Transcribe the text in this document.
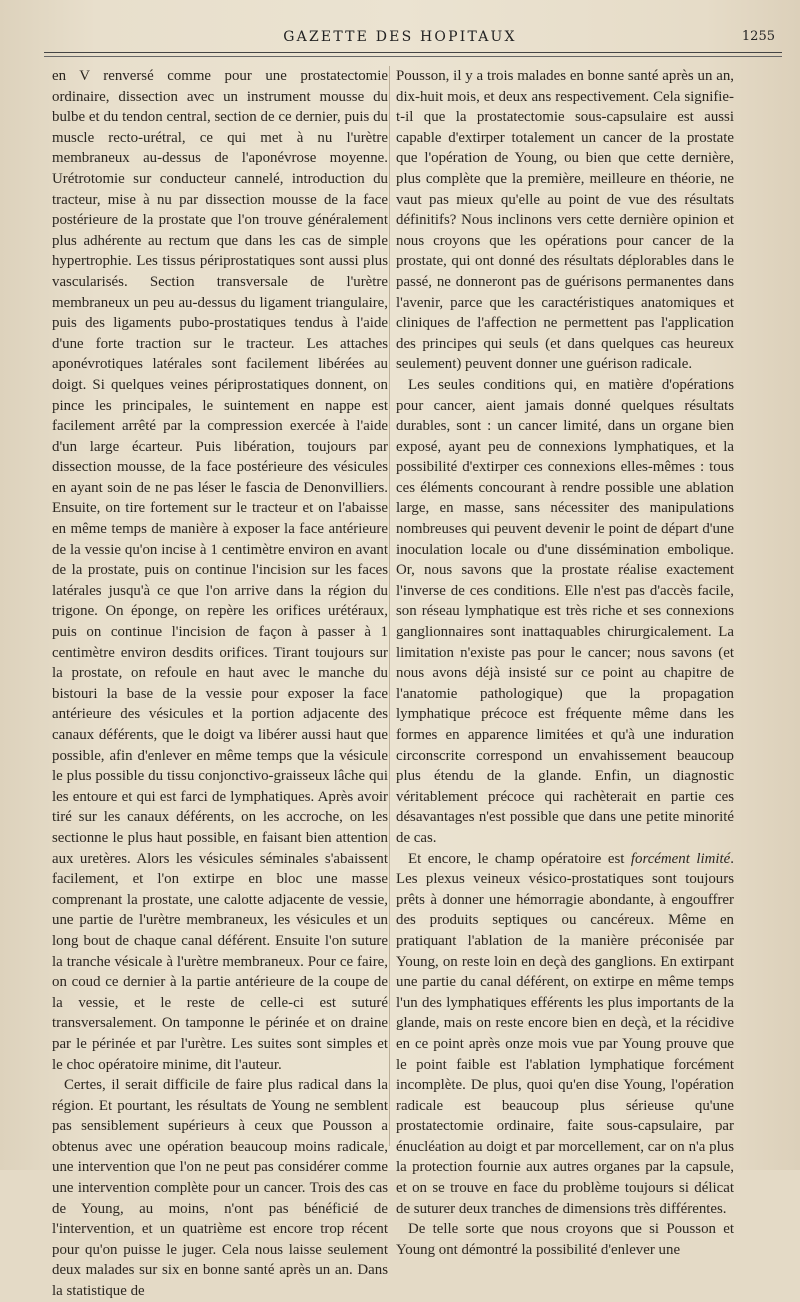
GAZETTE DES HOPITAUX	1255

en V renversé comme pour une prostatectomie ordinaire, dissection avec un instrument mousse du bulbe et du tendon central, section de ce dernier, puis du muscle recto-urétral, ce qui met à nu l'urètre membraneux au-dessus de l'aponévrose moyenne. Urétrotomie sur conducteur cannelé, introduction du tracteur, mise à nu par dissection mousse de la face postérieure de la prostate que l'on trouve généralement plus adhérente au rectum que dans les cas de simple hypertrophie. Les tissus périprostatiques sont aussi plus vascularisés. Section transversale de l'urètre membraneux un peu au-dessus du ligament triangulaire, puis des ligaments pubo-prostatiques tendus à l'aide d'une forte traction sur le tracteur. Les attaches aponévrotiques latérales sont facilement libérées au doigt. Si quelques veines périprostatiques donnent, on pince les principales, le suintement en nappe est facilement arrêté par la compression exercée à l'aide d'un large écarteur. Puis libération, toujours par dissection mousse, de la face postérieure des vésicules en ayant soin de ne pas léser le fascia de Denonvilliers. Ensuite, on tire fortement sur le tracteur et on l'abaisse en même temps de manière à exposer la face antérieure de la vessie qu'on incise à 1 centimètre environ en avant de la prostate, puis on continue l'incision sur les faces latérales jusqu'à ce que l'on arrive dans la région du trigone. On éponge, on repère les orifices urétéraux, puis on continue l'incision de façon à passer à 1 centimètre environ desdits orifices. Tirant toujours sur la prostate, on refoule en haut avec le manche du bistouri la base de la vessie pour exposer la face antérieure des vésicules et la portion adjacente des canaux déférents, que le doigt va libérer aussi haut que possible, afin d'enlever en même temps que la vésicule le plus possible du tissu conjonctivo-graisseux lâche qui les entoure et qui est farci de lymphatiques. Après avoir tiré sur les canaux déférents, on les accroche, on les sectionne le plus haut possible, en faisant bien attention aux uretères. Alors les vésicules séminales s'abaissent facilement, et l'on extirpe en bloc une masse comprenant la prostate, une calotte adjacente de vessie, une partie de l'urètre membraneux, les vésicules et un long bout de chaque canal déférent. Ensuite l'on suture la tranche vésicale à l'urètre membraneux. Pour ce faire, on coud ce dernier à la partie antérieure de la coupe de la vessie, et le reste de celle-ci est suturé transversalement. On tamponne le périnée et on draine par le périnée et par l'urètre. Les suites sont simples et le choc opératoire minime, dit l'auteur.

Certes, il serait difficile de faire plus radical dans la région. Et pourtant, les résultats de Young ne semblent pas sensiblement supérieurs à ceux que Pousson a obtenus avec une opération beaucoup moins radicale, une intervention que l'on ne peut pas considérer comme une intervention complète pour un cancer. Trois des cas de Young, au moins, n'ont pas bénéficié de l'intervention, et un quatrième est encore trop récent pour qu'on puisse le juger. Cela nous laisse seulement deux malades sur six en bonne santé après un an. Dans la statistique de

Pousson, il y a trois malades en bonne santé après un an, dix-huit mois, et deux ans respectivement. Cela signifie-t-il que la prostatectomie sous-capsulaire est aussi capable d'extirper totalement un cancer de la prostate que l'opération de Young, ou bien que cette dernière, plus complète que la première, meilleure en théorie, ne vaut pas mieux qu'elle au point de vue des résultats définitifs? Nous inclinons vers cette dernière opinion et nous croyons que les opérations pour cancer de la prostate, qui ont donné des résultats déplorables dans le passé, ne donneront pas de guérisons permanentes dans l'avenir, parce que les caractéristiques anatomiques et cliniques de l'affection ne permettent pas l'application des principes qui seuls (et dans quelques cas heureux seulement) peuvent donner une guérison radicale.

Les seules conditions qui, en matière d'opérations pour cancer, aient jamais donné quelques résultats durables, sont : un cancer limité, dans un organe bien exposé, ayant peu de connexions lymphatiques, et la possibilité d'extirper ces connexions elles-mêmes : tous ces éléments concourant à rendre possible une ablation large, en masse, sans nécessiter des manipulations nombreuses qui peuvent devenir le point de départ d'une inoculation locale ou d'une dissémination embolique. Or, nous savons que la prostate réalise exactement l'inverse de ces conditions. Elle n'est pas d'accès facile, son réseau lymphatique est très riche et ses connexions ganglionnaires sont inattaquables chirurgicalement. La limitation n'existe pas pour le cancer; nous savons (et nous avons déjà insisté sur ce point au chapitre de l'anatomie pathologique) que la propagation lymphatique précoce est fréquente même dans les formes en apparence limitées et qu'à une induration circonscrite correspond un envahissement beaucoup plus étendu de la glande. Enfin, un diagnostic véritablement précoce qui rachèterait en partie ces désavantages n'est possible que dans une petite minorité de cas.

Et encore, le champ opératoire est forcément limité. Les plexus veineux vésico-prostatiques sont toujours prêts à donner une hémorragie abondante, à engouffrer des produits septiques ou cancéreux. Même en pratiquant l'ablation de la manière préconisée par Young, on reste loin en deçà des ganglions. En extirpant une partie du canal déférent, on extirpe en même temps l'un des lymphatiques efférents les plus importants de la glande, mais on reste encore bien en deçà, et la récidive en ce point après onze mois vue par Young prouve que le point faible est l'ablation lymphatique forcément incomplète. De plus, quoi qu'en dise Young, l'opération radicale est beaucoup plus sérieuse qu'une prostatectomie ordinaire, faite sous-capsulaire, par énucléation au doigt et par morcellement, car on n'a plus la protection fournie aux autres organes par la capsule, et on se trouve en face du problème toujours si délicat de suturer deux tranches de dimensions très différentes.

De telle sorte que nous croyons que si Pousson et Young ont démontré la possibilité d'enlever une
